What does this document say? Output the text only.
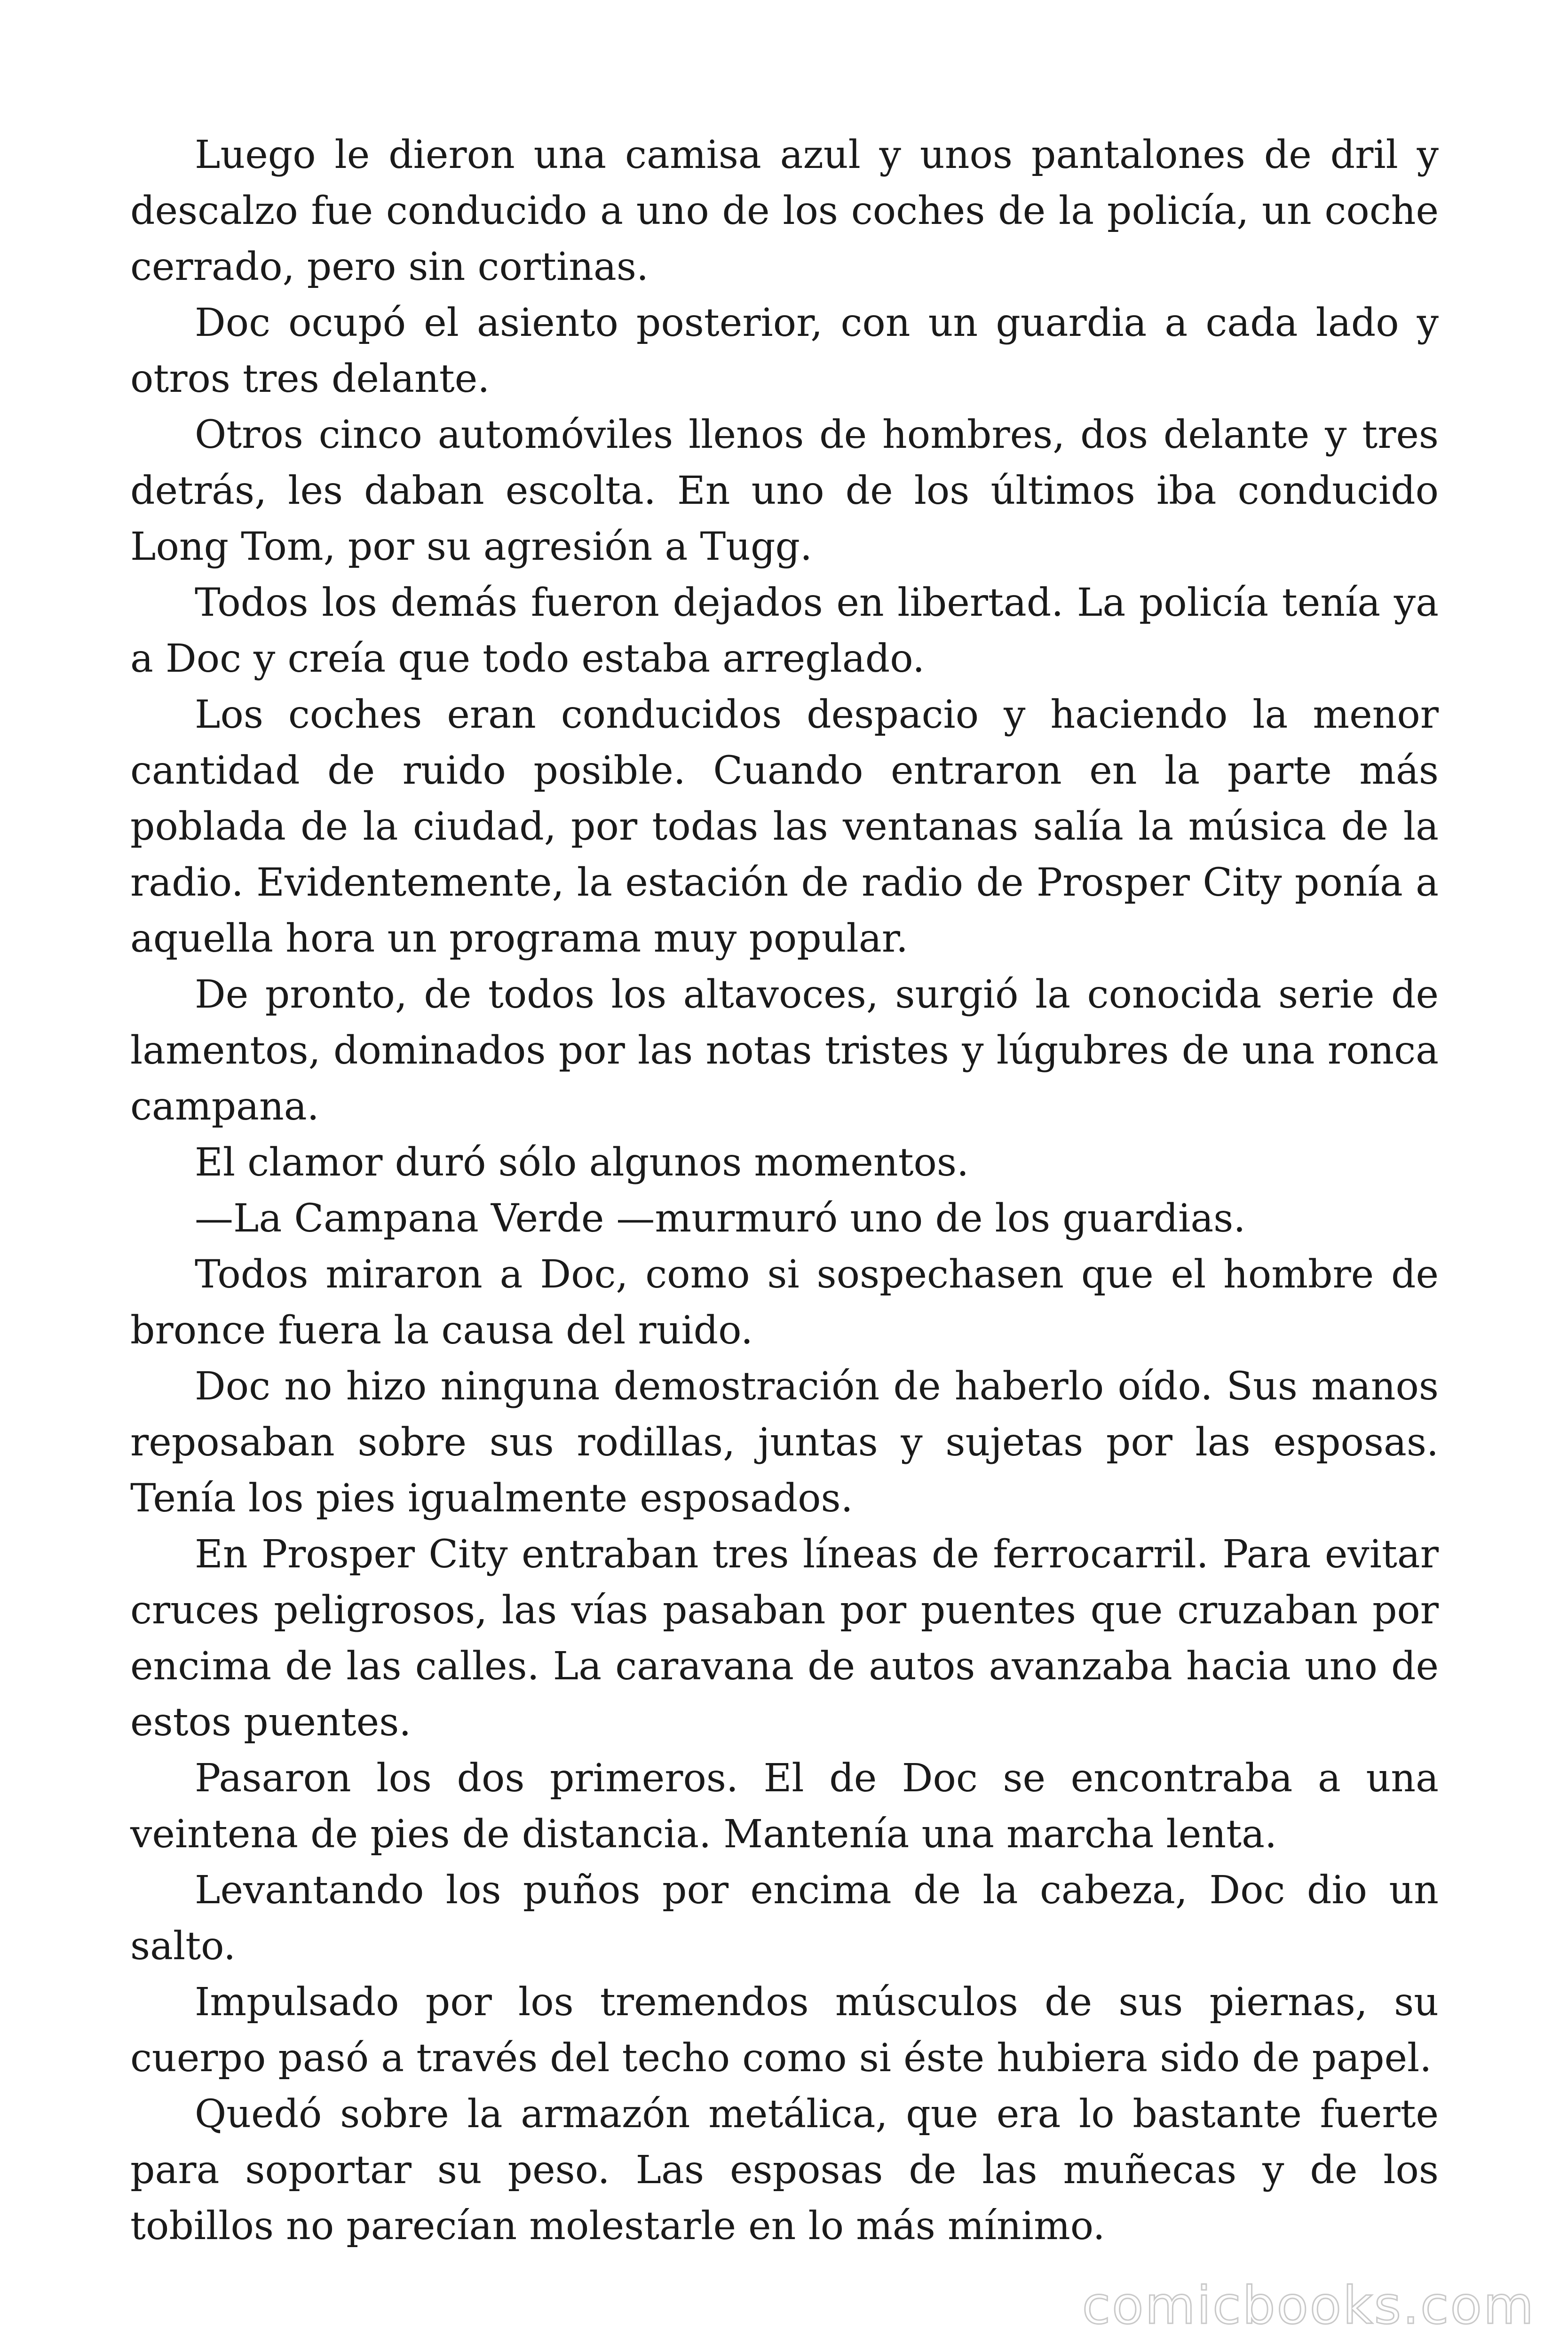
Luego le dieron una camisa azul y unos pantalones de dril y descalzo fue conducido a uno de los coches de la policía, un coche cerrado, pero sin cortinas.

Doc ocupó el asiento posterior, con un guardia a cada lado y otros tres delante.

Otros cinco automóviles llenos de hombres, dos delante y tres detrás, les daban escolta. En uno de los últimos iba conducido Long Tom, por su agresión a Tugg.

Todos los demás fueron dejados en libertad. La policía tenía ya a Doc y creía que todo estaba arreglado.

Los coches eran conducidos despacio y haciendo la menor cantidad de ruido posible. Cuando entraron en la parte más poblada de la ciudad, por todas las ventanas salía la música de la radio. Evidentemente, la estación de radio de Prosper City ponía a aquella hora un programa muy popular.

De pronto, de todos los altavoces, surgió la conocida serie de lamentos, dominados por las notas tristes y lúgubres de una ronca campana.

El clamor duró sólo algunos momentos.

—La Campana Verde —murmuró uno de los guardias.

Todos miraron a Doc, como si sospechasen que el hombre de bronce fuera la causa del ruido.

Doc no hizo ninguna demostración de haberlo oído. Sus manos reposaban sobre sus rodillas, juntas y sujetas por las esposas. Tenía los pies igualmente esposados.

En Prosper City entraban tres líneas de ferrocarril. Para evitar cruces peligrosos, las vías pasaban por puentes que cruzaban por encima de las calles. La caravana de autos avanzaba hacia uno de estos puentes.

Pasaron los dos primeros. El de Doc se encontraba a una veintena de pies de distancia. Mantenía una marcha lenta.

Levantando los puños por encima de la cabeza, Doc dio un salto.

Impulsado por los tremendos músculos de sus piernas, su cuerpo pasó a través del techo como si éste hubiera sido de papel.

Quedó sobre la armazón metálica, que era lo bastante fuerte para soportar su peso. Las esposas de las muñecas y de los tobillos no parecían molestarle en lo más mínimo.

comicbooks.com
